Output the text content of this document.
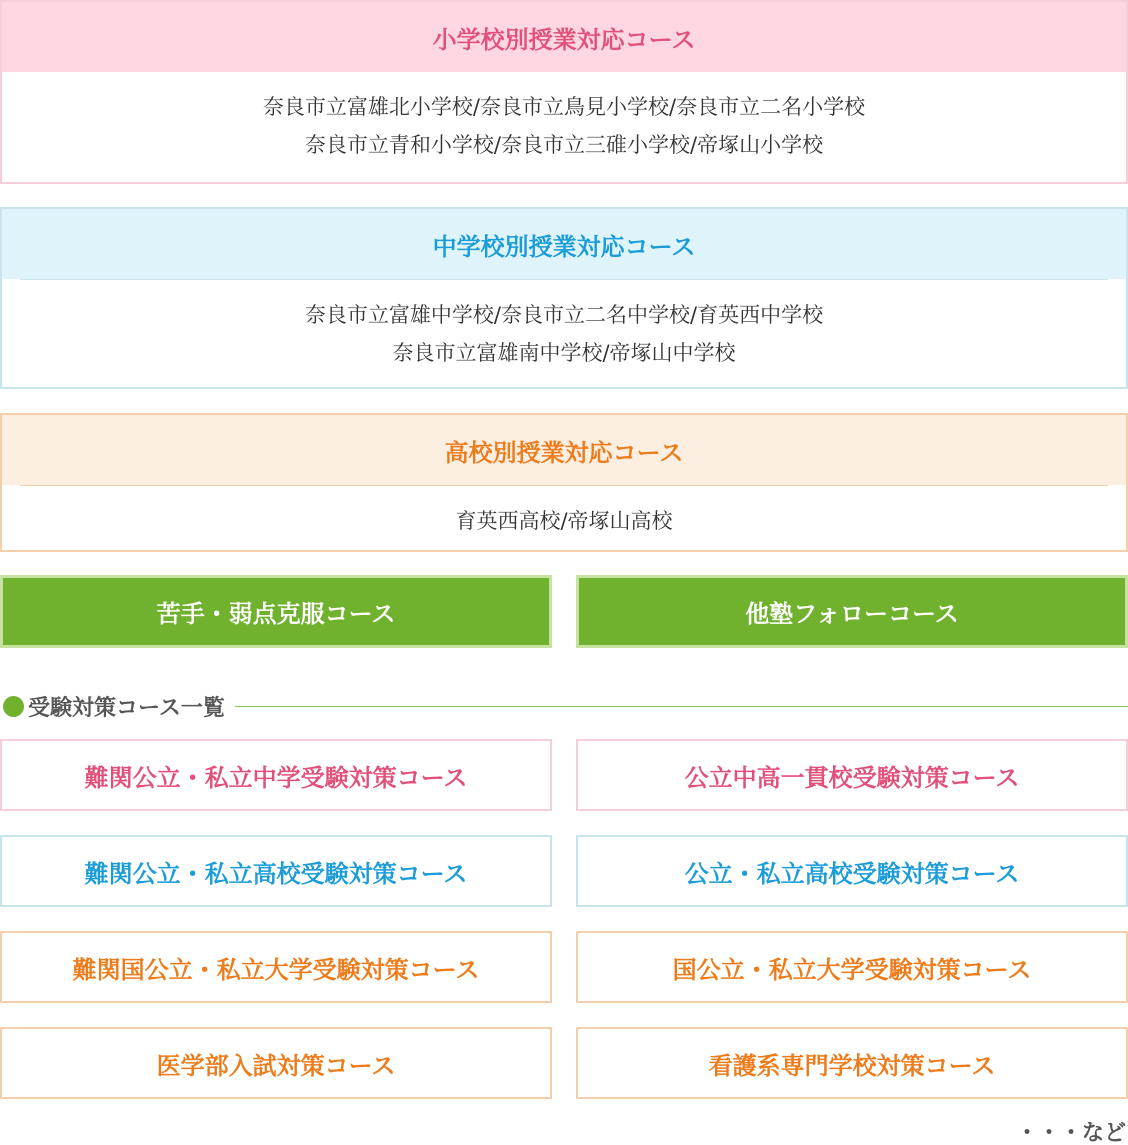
小学校別授業対応コース
奈良市立富雄北小学校/奈良市立鳥見小学校/奈良市立二名小学校
奈良市立青和小学校/奈良市立三碓小学校/帝塚山小学校
中学校別授業対応コース
奈良市立富雄中学校/奈良市立二名中学校/育英西中学校
奈良市立富雄南中学校/帝塚山中学校
高校別授業対応コース
育英西高校/帝塚山高校
苦手・弱点克服コース	他塾フォローコース
受験対策コース一覧
難関公立・私立中学受験対策コース	公立中高一貫校受験対策コース
難関公立・私立高校受験対策コース	公立・私立高校受験対策コース
難関国公立・私立大学受験対策コース	国公立・私立大学受験対策コース
医学部入試対策コース	看護系専門学校対策コース
・・・など
